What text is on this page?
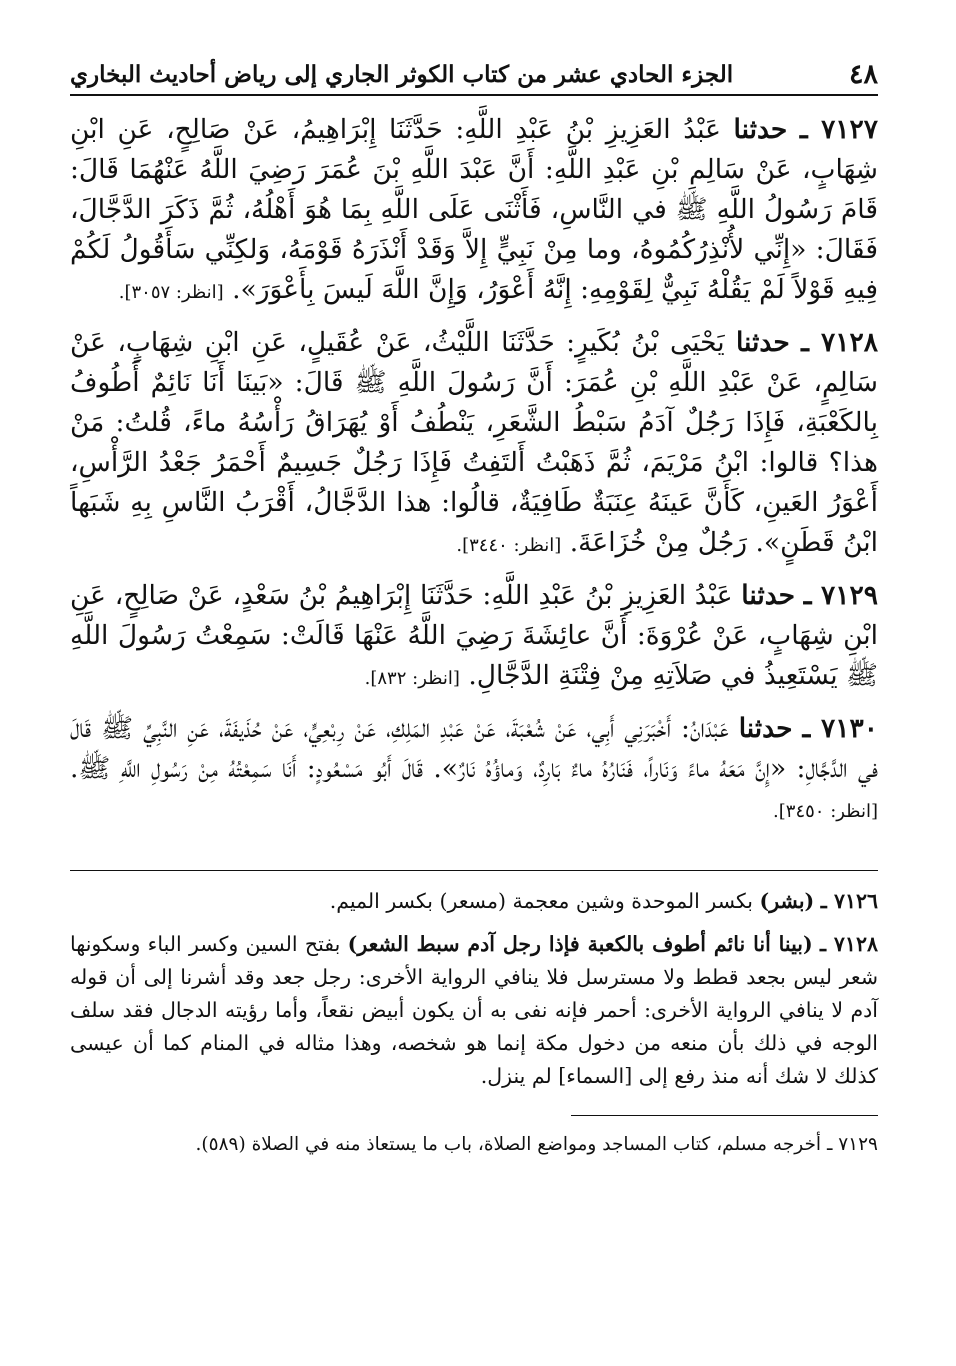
٤٨
الجزء الحادي عشر من كتاب الكوثر الجاري إلى رياض أحاديث البخاري

٧١٢٧ ـ حدثنا عَبْدُ العَزِيزِ بْنُ عَبْدِ اللَّهِ: حَدَّثَنَا إِبْرَاهِيمُ، عَنْ صَالِحٍ، عَنِ ابْنِ شِهَابٍ، عَنْ سَالِمِ بْنِ عَبْدِ اللَّهِ: أَنَّ عَبْدَ اللَّهِ بْنَ عُمَرَ رَضِيَ اللَّهُ عَنْهُمَا قَالَ: قَامَ رَسُولُ اللَّهِ ﷺ في النَّاسِ، فَأَثْنَى عَلَى اللَّهِ بِمَا هُوَ أَهْلُهُ، ثُمَّ ذَكَرَ الدَّجَّالَ، فَقَالَ: «إِنِّي لأُنْذِرُكُمُوهُ، وما مِنْ نَبِيٍّ إِلاَّ وَقَدْ أَنْذَرَهُ قَوْمَهُ، وَلكِنِّي سَأَقُولُ لَكُمْ فِيهِ قَوْلاً لَمْ يَقُلْهُ نَبِيٌّ لِقَوْمِهِ: إِنَّهُ أَعْوَرُ، وَإِنَّ اللَّهَ لَيسَ بِأَعْوَرَ». [انظر: ٣٠٥٧].

٧١٢٨ ـ حدثنا يَحْيَى بْنُ بُكَيرٍ: حَدَّثَنَا اللَّيْثُ، عَنْ عُقَيلٍ، عَنِ ابْنِ شِهَابٍ، عَنْ سَالِمٍ، عَنْ عَبْدِ اللَّهِ بْنِ عُمَرَ: أَنَّ رَسُولَ اللَّهِ ﷺ قَالَ: «بَينَا أَنَا نَائِمٌ أَطُوفُ بِالكَعْبَةِ، فَإِذَا رَجُلٌ آدَمُ سَبْطُ الشَّعَرِ، يَنْطُفُ أَوْ يُهَرَاقُ رَأْسُهُ ماءً، قُلتُ: مَنْ هذا؟ قالوا: ابْنُ مَرْيَمَ، ثُمَّ ذَهَبْتُ أَلتَفِتُ فَإِذَا رَجُلٌ جَسِيمٌ أَحْمَرُ جَعْدُ الرَّأْسِ، أَعْوَرُ العَينِ، كَأَنَّ عَينَهُ عِنَبَةٌ طَافِيَةٌ، قالُوا: هذا الدَّجَّالُ، أَقْرَبُ النَّاسِ بِهِ شَبَهاً ابْنُ قَطَنٍ». رَجُلٌ مِنْ خُزَاعَةَ. [انظر: ٣٤٤٠].

٧١٢٩ ـ حدثنا عَبْدُ العَزِيزِ بْنُ عَبْدِ اللَّهِ: حَدَّثَنَا إِبْرَاهِيمُ بْنُ سَعْدٍ، عَنْ صَالِحٍ، عَنِ ابْنِ شِهَابٍ، عَنْ عُرْوَةَ: أَنَّ عائِشَةَ رَضِيَ اللَّهُ عَنْهَا قَالَتْ: سَمِعْتُ رَسُولَ اللَّهِ ﷺ يَسْتَعِيذُ في صَلاَتِهِ مِنْ فِتْنَةِ الدَّجَّالِ. [انظر: ٨٣٢].

٧١٣٠ ـ حدثنا عَبْدَانُ: أَخْبَرَنِي أَبِي، عَنْ شُعْبَةَ، عَنْ عَبْدِ المَلِكِ، عَنْ رِبْعِيٍّ، عَنْ حُذَيفَةَ، عَنِ النَّبِيِّ ﷺ قَالَ في الدَّجَّالِ: «إِنَّ مَعَهُ ماءً وَنَاراً، فَنَارُهُ ماءٌ بَارِدٌ، وَماؤُهُ نَارٌ». قَالَ أَبُو مَسْعُودٍ: أَنَا سَمِعْتُهُ مِنْ رَسُولِ اللَّهِ ﷺ. [انظر: ٣٤٥٠].

٧١٢٦ ـ (بشر) بكسر الموحدة وشين معجمة (مسعر) بكسر الميم.

٧١٢٨ ـ (بينا أنا نائم أطوف بالكعبة فإذا رجل آدم سبط الشعر) بفتح السين وكسر الباء وسكونها شعر ليس بجعد قطط ولا مسترسل فلا ينافي الرواية الأخرى: رجل جعد وقد أشرنا إلى أن قوله آدم لا ينافي الرواية الأخرى: أحمر فإنه نفى به أن يكون أبيض نقعاً، وأما رؤيته الدجال فقد سلف الوجه في ذلك بأن منعه من دخول مكة إنما هو شخصه، وهذا مثاله في المنام كما أن عيسى كذلك لا شك أنه منذ رفع إلى [السماء] لم ينزل.

٧١٢٩ ـ أخرجه مسلم، كتاب المساجد ومواضع الصلاة، باب ما يستعاذ منه في الصلاة (٥٨٩).
